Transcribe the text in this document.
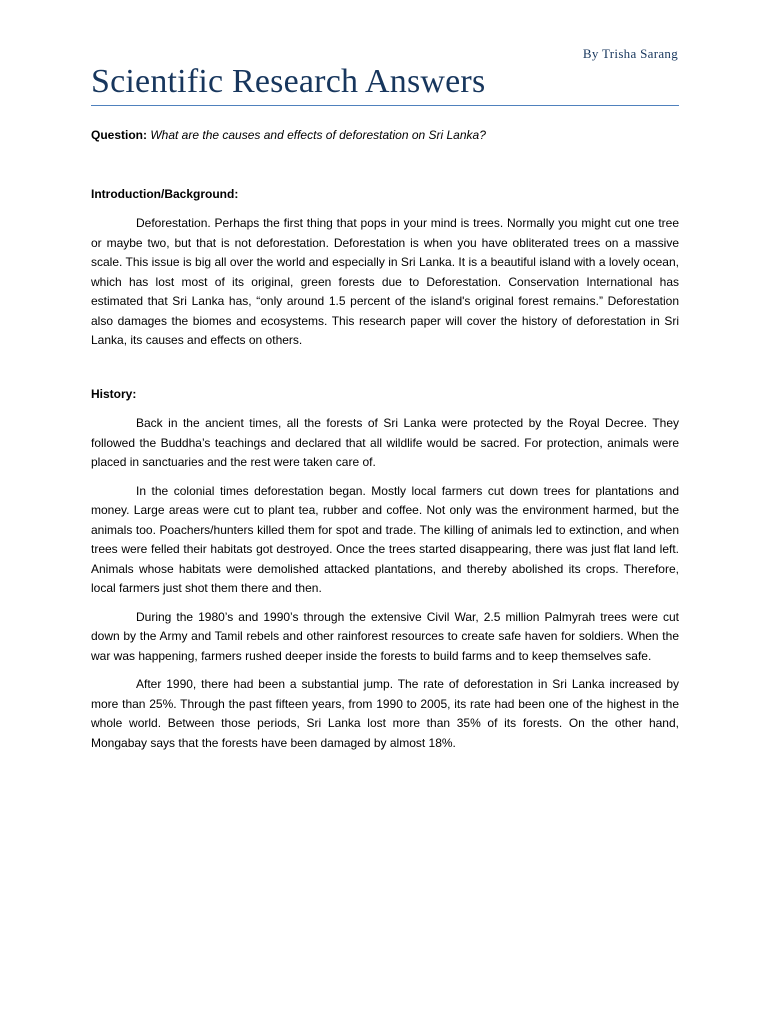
By Trisha Sarang
Scientific Research Answers

Question: What are the causes and effects of deforestation on Sri Lanka?

Introduction/Background:

Deforestation. Perhaps the first thing that pops in your mind is trees. Normally you might cut one tree or maybe two, but that is not deforestation. Deforestation is when you have obliterated trees on a massive scale. This issue is big all over the world and especially in Sri Lanka. It is a beautiful island with a lovely ocean, which has lost most of its original, green forests due to Deforestation. Conservation International has estimated that Sri Lanka has, “only around 1.5 percent of the island's original forest remains.” Deforestation also damages the biomes and ecosystems. This research paper will cover the history of deforestation in Sri Lanka, its causes and effects on others.

History:

Back in the ancient times, all the forests of Sri Lanka were protected by the Royal Decree. They followed the Buddha’s teachings and declared that all wildlife would be sacred. For protection, animals were placed in sanctuaries and the rest were taken care of.

In the colonial times deforestation began. Mostly local farmers cut down trees for plantations and money. Large areas were cut to plant tea, rubber and coffee. Not only was the environment harmed, but the animals too. Poachers/hunters killed them for spot and trade. The killing of animals led to extinction, and when trees were felled their habitats got destroyed. Once the trees started disappearing, there was just flat land left. Animals whose habitats were demolished attacked plantations, and thereby abolished its crops. Therefore, local farmers just shot them there and then.

During the 1980’s and 1990’s through the extensive Civil War, 2.5 million Palmyrah trees were cut down by the Army and Tamil rebels and other rainforest resources to create safe haven for soldiers. When the war was happening, farmers rushed deeper inside the forests to build farms and to keep themselves safe.

After 1990, there had been a substantial jump. The rate of deforestation in Sri Lanka increased by more than 25%. Through the past fifteen years, from 1990 to 2005, its rate had been one of the highest in the whole world. Between those periods, Sri Lanka lost more than 35% of its forests. On the other hand, Mongabay says that the forests have been damaged by almost 18%.
